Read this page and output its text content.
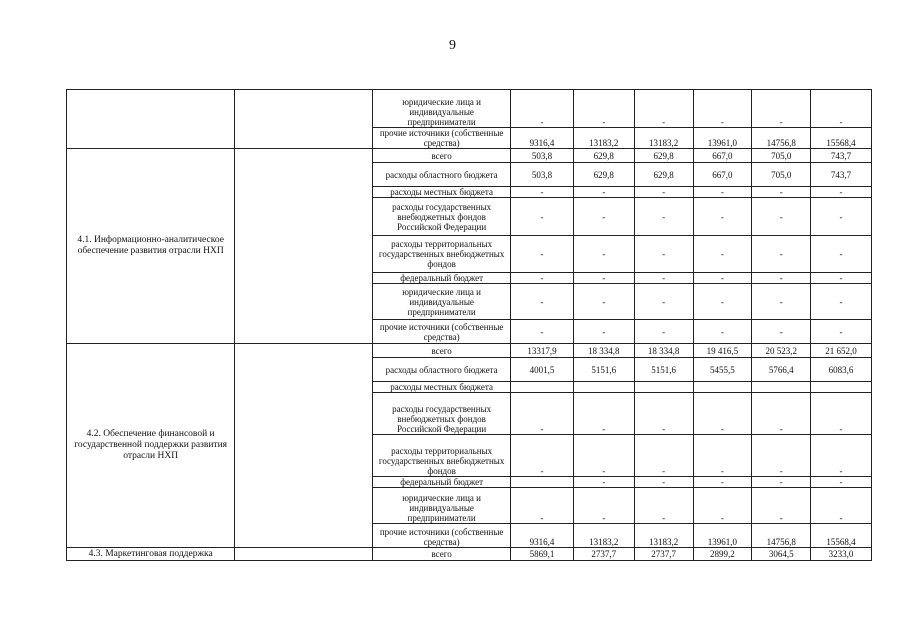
9
		юридические лица и индивидуальные предприниматели	-	-	-	-	-	-
		прочие источники (собственные средства)	9316,4	13183,2	13183,2	13961,0	14756,8	15568,4
4.1. Информационно-аналитическое обеспечение развития отрасли НХП		всего	503,8	629,8	629,8	667,0	705,0	743,7
		расходы областного бюджета	503,8	629,8	629,8	667,0	705,0	743,7
		расходы местных бюджета	-	-	-	-	-	-
		расходы государственных внебюджетных фондов Российской Федерации	-	-	-	-	-	-
		расходы территориальных государственных внебюджетных фондов	-	-	-	-	-	-
		федеральный бюджет	-	-	-	-	-	-
		юридические лица и индивидуальные предприниматели	-	-	-	-	-	-
		прочие источники (собственные средства)	-	-	-	-	-	-
4.2. Обеспечение финансовой и государственной поддержки развития отрасли НХП		всего	13317,9	18 334,8	18 334,8	19 416,5	20 523,2	21 652,0
		расходы областного бюджета	4001,5	5151,6	5151,6	5455,5	5766,4	6083,6
		расходы местных бюджета						
		расходы государственных внебюджетных фондов Российской Федерации	-	-	-	-	-	-
		расходы территориальных государственных внебюджетных фондов	-	-	-	-	-	-
		федеральный бюджет		-	-	-	-	-
		юридические лица и индивидуальные предприниматели	-	-	-	-	-	-
		прочие источники (собственные средства)	9316,4	13183,2	13183,2	13961,0	14756,8	15568,4
4.3. Маркетинговая поддержка		всего	5869,1	2737,7	2737,7	2899,2	3064,5	3233,0
